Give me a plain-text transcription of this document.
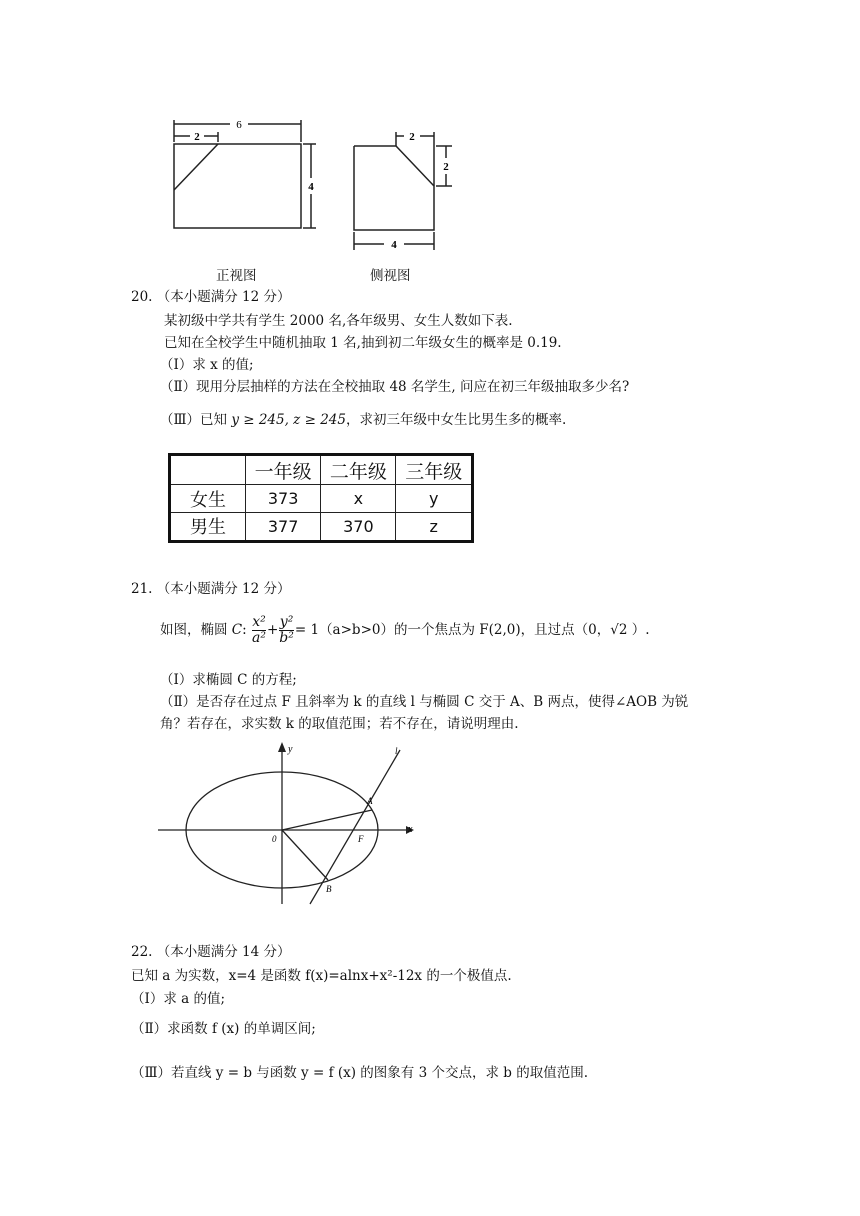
6
2
4
2
2
4
正视图	侧视图
20. （本小题满分 12 分）
某初级中学共有学生 2000 名,各年级男、女生人数如下表.
已知在全校学生中随机抽取 1 名,抽到初二年级女生的概率是 0.19.
（Ⅰ）求 x 的值;
（Ⅱ）现用分层抽样的方法在全校抽取 48 名学生, 问应在初三年级抽取多少名?
（Ⅲ）已知 y ≥ 245, z ≥ 245，求初三年级中女生比男生多的概率.
	一年级	二年级	三年级
女生	373	x	y
男生	377	370	z
21. （本小题满分 12 分）
如图，椭圆 C: $\frac{\text{x²}}{\text{a²}} + \frac{\text{y²}}{\text{b²}} = 1(a>b>0)$的一个焦点为 F(2,0)，且过点（0，√2 ）.
（Ⅰ）求椭圆 C 的方程;
（Ⅱ）是否存在过点 F 且斜率为 k 的直线 l 与椭圆 C 交于 A、B 两点，使得∠AOB 为锐
角？若存在，求实数 k 的取值范围；若不存在，请说明理由.
y
x
0	F
A
B
l
22. （本小题满分 14 分）
已知 a 为实数，x=4 是函数 f(x)=alnx+x²-12x 的一个极值点.
（Ⅰ）求 a 的值;
（Ⅱ）求函数 f (x) 的单调区间;
（Ⅲ）若直线 y = b 与函数 y = f (x) 的图象有 3 个交点，求 b 的取值范围.
